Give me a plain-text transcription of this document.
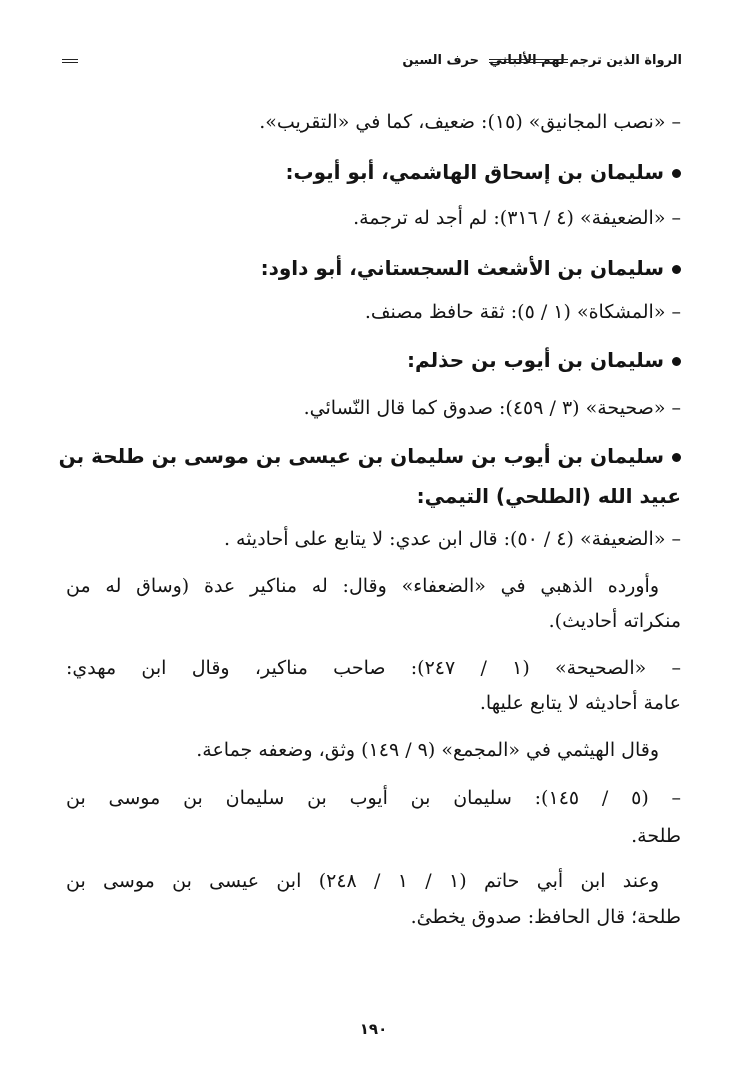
الرواة الذين ترجم لهم الألباني
حرف السين
– «نصب المجانيق» (١٥): ضعيف، كما في «التقريب».
سليمان بن إسحاق الهاشمي، أبو أيوب:
– «الضعيفة» (٤ / ٣١٦): لم أجد له ترجمة.
سليمان بن الأشعث السجستاني، أبو داود:
– «المشكاة» (١ / ٥): ثقة حافظ مصنف.
سليمان بن أيوب بن حذلم:
– «صحيحة» (٣ / ٤٥٩): صدوق كما قال النّسائي.
سليمان بن أيوب بن سليمان بن عيسى بن موسى بن طلحة بن
عبيد الله (الطلحي) التيمي:
– «الضعيفة» (٤ / ٥٠): قال ابن عدي: لا يتابع على أحاديثه .
وأورده الذهبي في «الضعفاء» وقال: له مناكير عدة (وساق له من
منكراته أحاديث).
– «الصحيحة» (١ / ٢٤٧): صاحب مناكير، وقال ابن مهدي:
عامة أحاديثه لا يتابع عليها.
وقال الهيثمي في «المجمع» (٩ / ١٤٩) وثق، وضعفه جماعة.
– (٥ / ١٤٥): سليمان بن أيوب بن سليمان بن موسى بن
طلحة.
وعند ابن أبي حاتم (١ / ١ / ٢٤٨) ابن عيسى بن موسى بن
طلحة؛ قال الحافظ: صدوق يخطئ.
١٩٠
